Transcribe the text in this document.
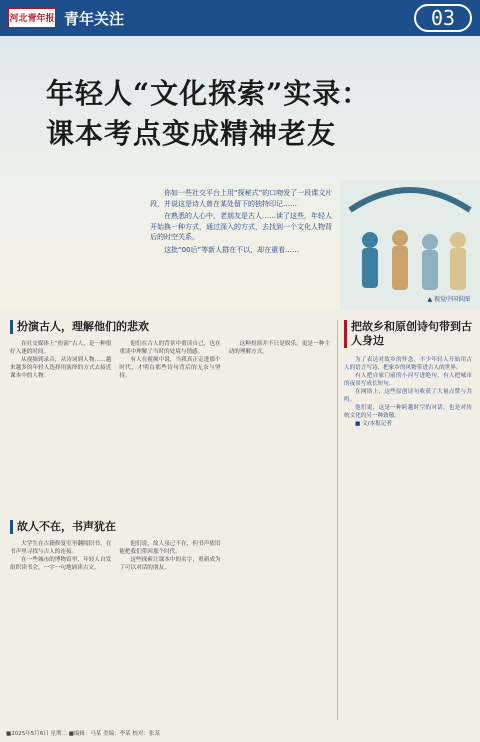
河北青年报 青年关注	03
年轻人“文化探索”实录：
课本考点变成精神老友

你如一些社交平台上用“探秘式”的口吻发了一段课文片段，并说这是诗人曾在某处留下的独特印记……

在熟悉的人心中，老朋友是古人……读了这些，年轻人开始换一种方式，通过深入的方式，去找到一个文化人物背后的时空关系。

这批“00后”等新人群在不以，却在重看……

▲ 视觉中国供图
扮演古人，理解他们的悲欢

在社交媒体上“扮演”古人，是一种很好入迷的时间。

从视频到录音，从诗词到人物……越来越多的年轻人选择用演绎的方式去接近课本中的人物。

他们在古人的背景中重读自己，也在重读中理解了当时的处境与情感。

有人在视频中说，当我真正走进那个时代，才明白那些诗句背后的无奈与坚持。

这种扮演并不只是娱乐，更是一种主动的理解方式。

故人不在，书声犹在

大学生在古籍修复室里翻阅旧书，在书声里寻找与古人的连接。

在一些城市的博物馆里，年轻人自发组织读书会，一字一句地诵读古文。

他们说，故人虽已不在，但书声依旧能把我们带回那个时代。

这些探索让课本中的名字，重新成为了可以对话的朋友。

把故乡和原创诗句带到古人身边

为了表达对故乡的怀念，不少年轻人开始用古人的语言写诗，把家乡的风物带进古人的世界。

有人把自家门前的小河写进绝句，有人把城市的夜景写成长短句。

在网络上，这些原创诗句收获了大量点赞与共鸣。

他们说，这是一种跨越时空的对话，也是对传统文化的另一种致敬。

■ 文/本报记者

■2025年5月6日 星期二 ■编辑：马某 美编：李某 校对：张某
